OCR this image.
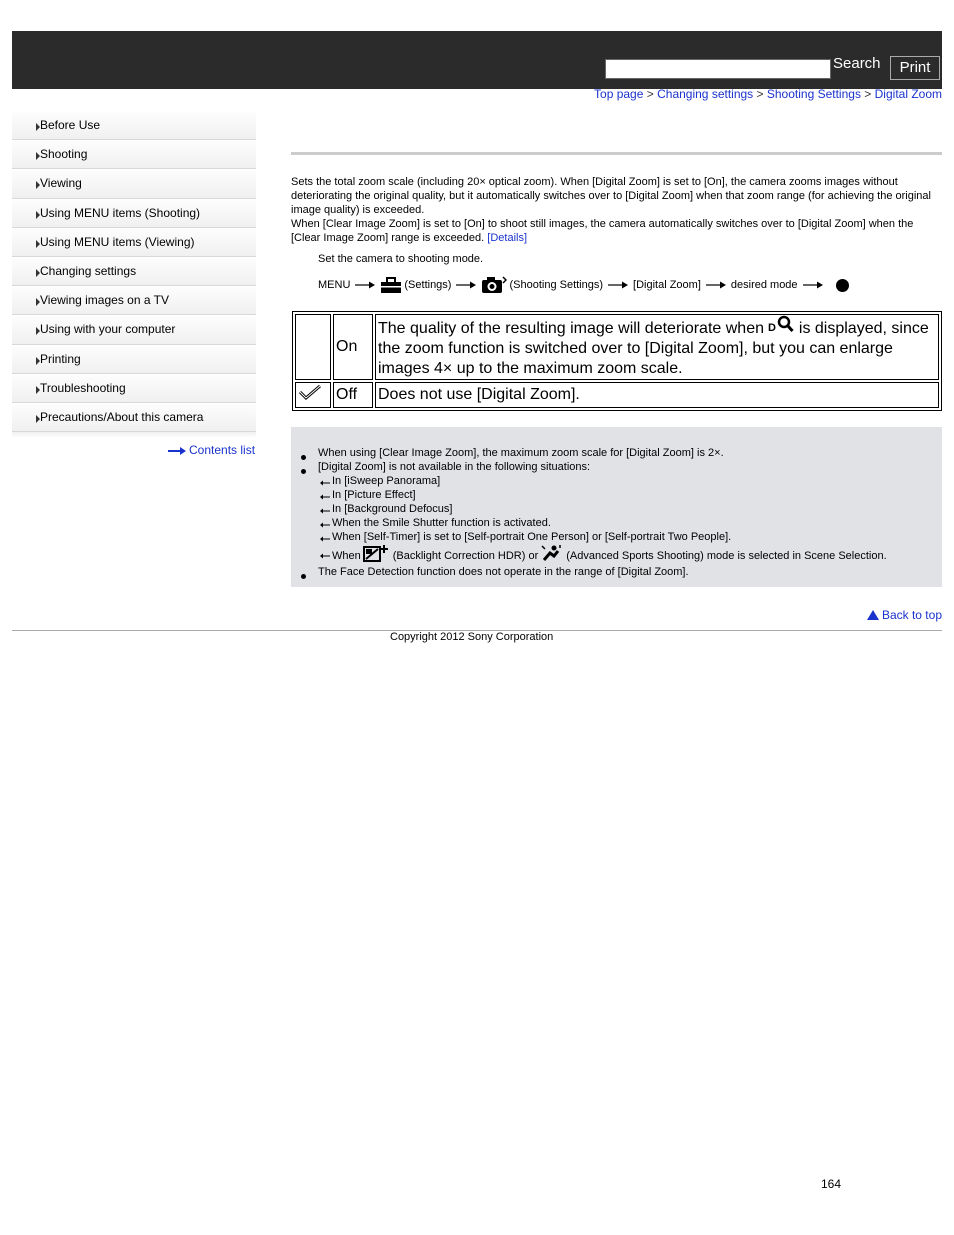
Search	Print
Top page > Changing settings > Shooting Settings > Digital Zoom
Before Use
Shooting
Viewing
Using MENU items (Shooting)
Using MENU items (Viewing)
Changing settings
Viewing images on a TV
Using with your computer
Printing
Troubleshooting
Precautions/About this camera
Contents list
Sets the total zoom scale (including 20× optical zoom). When [Digital Zoom] is set to [On], the camera zooms images without deteriorating the original quality, but it automatically switches over to [Digital Zoom] when that zoom range (for achieving the original image quality) is exceeded.
When [Clear Image Zoom] is set to [On] to shoot still images, the camera automatically switches over to [Digital Zoom] when the [Clear Image Zoom] range is exceeded. [Details]
Set the camera to shooting mode.
MENU	(Settings)	(Shooting Settings)	[Digital Zoom]	desired mode
	On	The quality of the resulting image will deteriorate when D is displayed, since the zoom function is switched over to [Digital Zoom], but you can enlarge images 4× up to the maximum zoom scale.
	Off	Does not use [Digital Zoom].
When using [Clear Image Zoom], the maximum zoom scale for [Digital Zoom] is 2×.
[Digital Zoom] is not available in the following situations:
In [iSweep Panorama]
In [Picture Effect]
In [Background Defocus]
When the Smile Shutter function is activated.
When [Self-Timer] is set to [Self-portrait One Person] or [Self-portrait Two People].
When	(Backlight Correction HDR) or	(Advanced Sports Shooting) mode is selected in Scene Selection.
The Face Detection function does not operate in the range of [Digital Zoom].
Back to top
Copyright 2012 Sony Corporation
164
